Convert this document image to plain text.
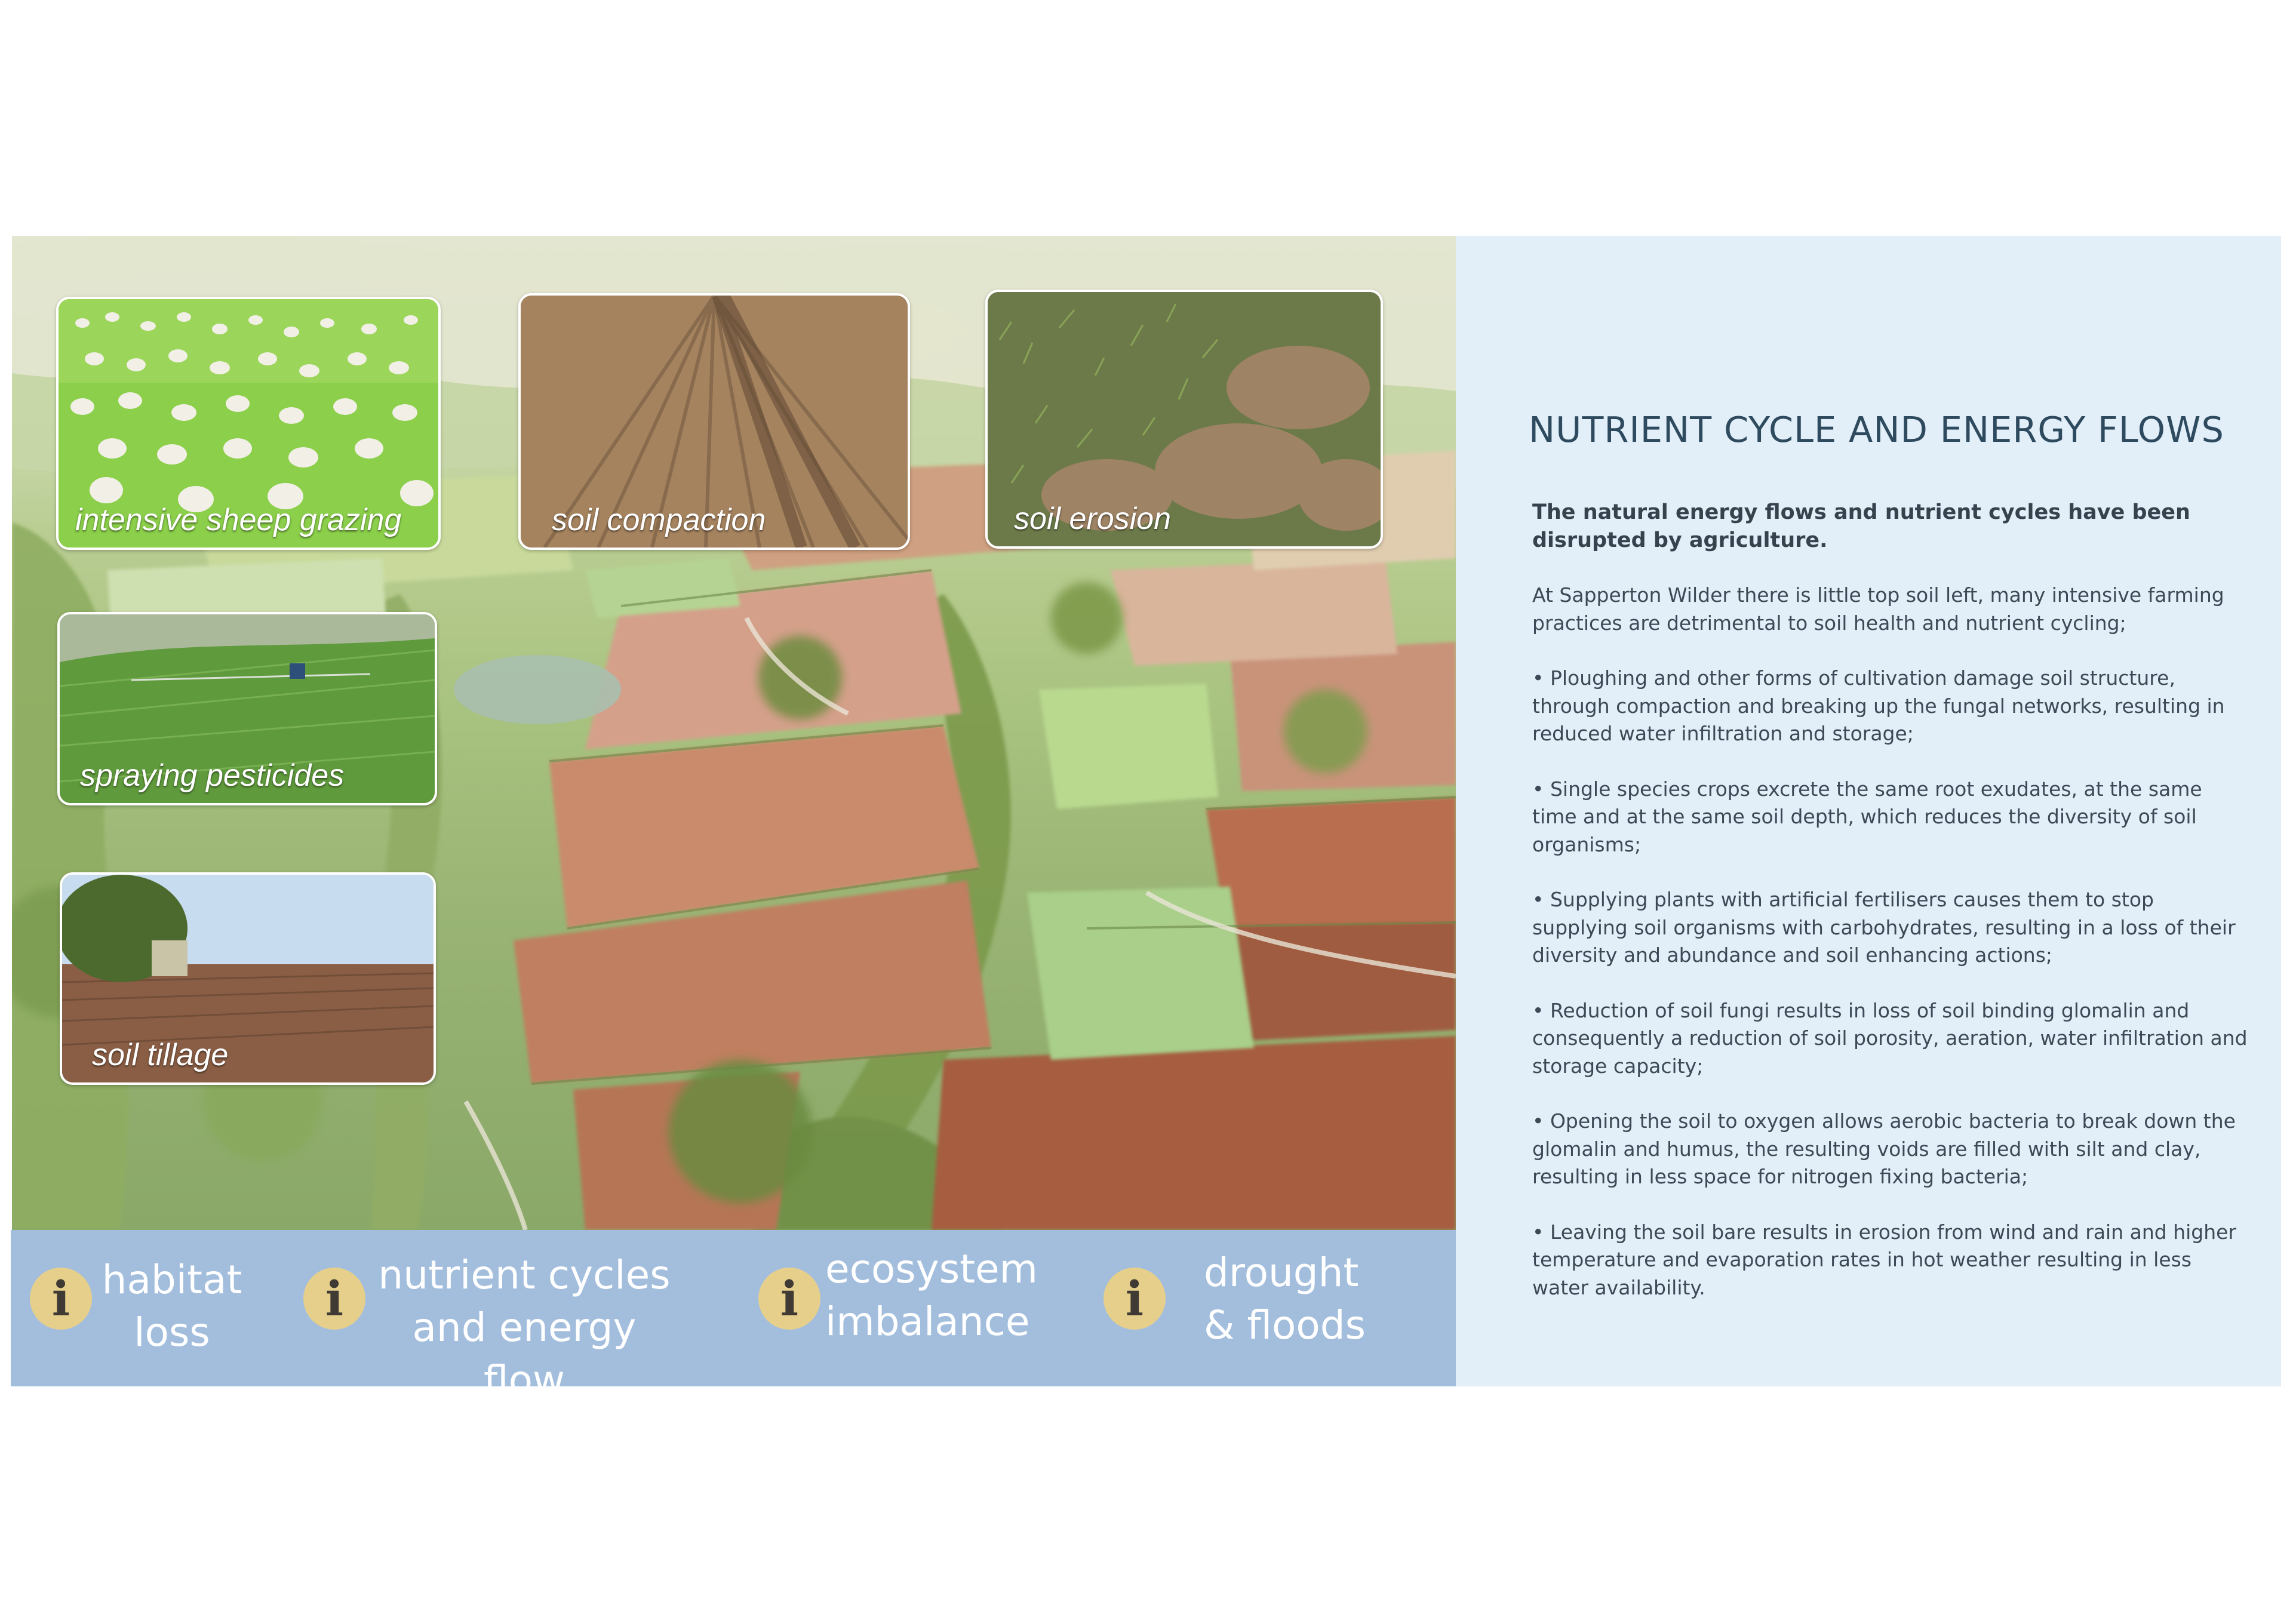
intensive sheep grazing	soil compaction	soil erosion
spraying pesticides
soil tillage
i habitat
loss
i nutrient cycles
and energy flow
i
ecosystem
imbalance	i	drought
& floods
NUTRIENT CYCLE AND ENERGY FLOWS

The natural energy flows and nutrient cycles have been disrupted by agriculture.

At Sapperton Wilder there is little top soil left, many intensive farming practices are detrimental to soil health and nutrient cycling;

• Ploughing and other forms of cultivation damage soil structure, through compaction and breaking up the fungal networks, resulting in reduced water infiltration and storage;

• Single species crops excrete the same root exudates, at the same time and at the same soil depth, which reduces the diversity of soil organisms;

• Supplying plants with artificial fertilisers causes them to stop supplying soil organisms with carbohydrates, resulting in a loss of their diversity and abundance and soil enhancing actions;

• Reduction of soil fungi results in loss of soil binding glomalin and consequently a reduction of soil porosity, aeration, water infiltration and storage capacity;

• Opening the soil to oxygen allows aerobic bacteria to break down the glomalin and humus, the resulting voids are filled with silt and clay, resulting in less space for nitrogen fixing bacteria;

• Leaving the soil bare results in erosion from wind and rain and higher temperature and evaporation rates in hot weather resulting in less water availability.
